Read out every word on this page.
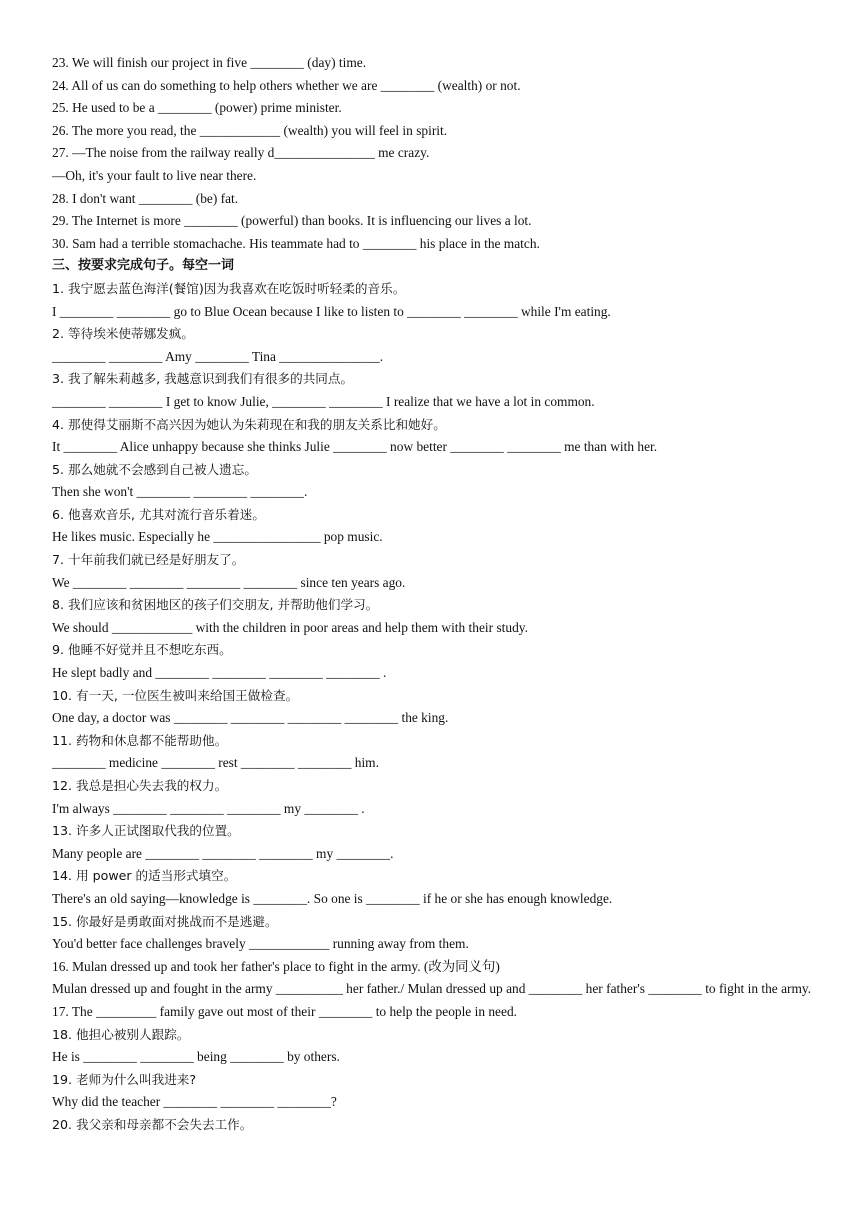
23. We will finish our project in five ________ (day) time.
24. All of us can do something to help others whether we are ________ (wealth) or not.
25. He used to be a ________ (power) prime minister.
26. The more you read, the ____________ (wealth) you will feel in spirit.
27. —The noise from the railway really d_______________ me crazy.
—Oh, it's your fault to live near there.
28. I don't want ________ (be) fat.
29. The Internet is more ________ (powerful) than books. It is influencing our lives a lot.
30. Sam had a terrible stomachache. His teammate had to ________ his place in the match.
三、按要求完成句子。每空一词
1. 我宁愿去蓝色海洋(餐馆)因为我喜欢在吃饭时听轻柔的音乐。
I ________ ________ go to Blue Ocean because I like to listen to ________ ________ while I'm eating.
2. 等待埃米使蒂娜发疯。
________ ________ Amy ________ Tina _______________.
3. 我了解朱莉越多, 我越意识到我们有很多的共同点。
________ ________ I get to know Julie, ________ ________ I realize that we have a lot in common.
4. 那使得艾丽斯不高兴因为她认为朱莉现在和我的朋友关系比和她好。
It ________ Alice unhappy because she thinks Julie ________ now better ________ ________ me than with her.
5. 那么她就不会感到自己被人遗忘。
Then she won't ________ ________ ________.
6. 他喜欢音乐, 尤其对流行音乐着迷。
He likes music. Especially he ________________ pop music.
7. 十年前我们就已经是好朋友了。
We ________ ________ ________ ________ since ten years ago.
8. 我们应该和贫困地区的孩子们交朋友, 并帮助他们学习。
We should ____________ with the children in poor areas and help them with their study.
9. 他睡不好觉并且不想吃东西。
He slept badly and ________ ________ ________ ________ .
10. 有一天, 一位医生被叫来给国王做检查。
One day, a doctor was ________ ________ ________ ________ the king.
11. 药物和休息都不能帮助他。
________ medicine ________ rest ________ ________ him.
12. 我总是担心失去我的权力。
I'm always ________ ________ ________ my ________ .
13. 许多人正试图取代我的位置。
Many people are ________ ________ ________ my ________.
14. 用 power 的适当形式填空。
There's an old saying—knowledge is ________. So one is ________ if he or she has enough knowledge.
15. 你最好是勇敢面对挑战而不是逃避。
You'd better face challenges bravely ____________ running away from them.
16. Mulan dressed up and took her father's place to fight in the army. (改为同义句)
Mulan dressed up and fought in the army __________ her father./ Mulan dressed up and ________ her father's ________ to fight in the army.
17. The _________ family gave out most of their ________ to help the people in need.
18. 他担心被别人跟踪。
He is ________ ________ being ________ by others.
19. 老师为什么叫我进来?
Why did the teacher ________ ________ ________?
20. 我父亲和母亲都不会失去工作。
